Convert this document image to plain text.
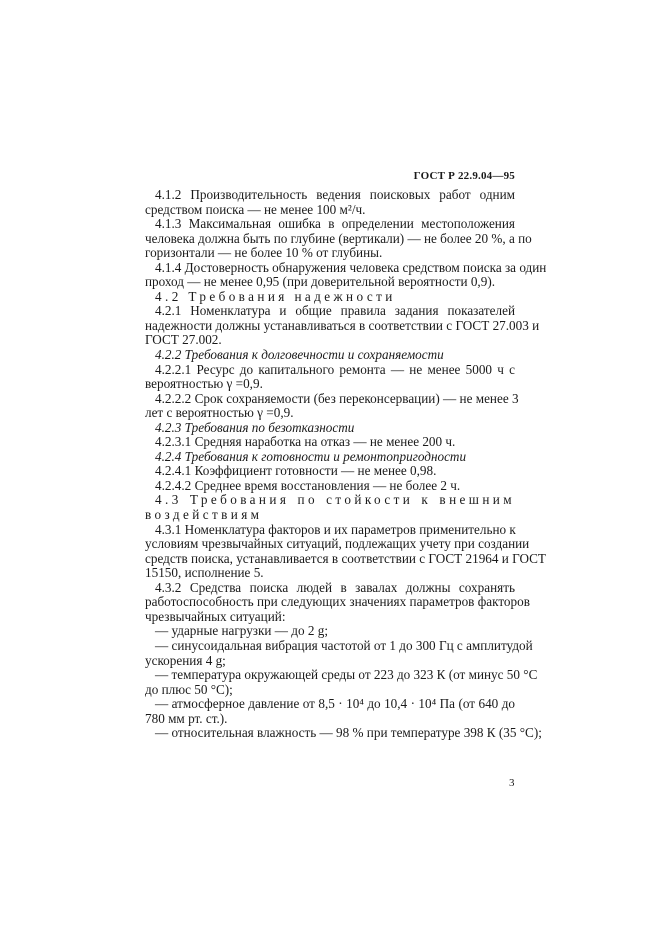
ГОСТ Р 22.9.04—95
4.1.2 Производительность ведения поисковых работ одним
средством поиска — не менее 100 м²/ч.
4.1.3 Максимальная ошибка в определении местоположения
человека должна быть по глубине (вертикали) — не более 20 %, а по
горизонтали — не более 10 % от глубины.
4.1.4 Достоверность обнаружения человека средством поиска за один
проход — не менее 0,95 (при доверительной вероятности 0,9).
4.2 Требования надежности
4.2.1 Номенклатура и общие правила задания показателей
надежности должны устанавливаться в соответствии с ГОСТ 27.003 и
ГОСТ 27.002.
4.2.2 Требования к долговечности и сохраняемости
4.2.2.1 Ресурс до капитального ремонта — не менее 5000 ч с
вероятностью γ =0,9.
4.2.2.2 Срок сохраняемости (без переконсервации) — не менее 3
лет с вероятностью γ =0,9.
4.2.3 Требования по безотказности
4.2.3.1 Средняя наработка на отказ — не менее 200 ч.
4.2.4 Требования к готовности и ремонтопригодности
4.2.4.1 Коэффициент готовности — не менее 0,98.
4.2.4.2 Среднее время восстановления — не более 2 ч.
4.3 Требования по стойкости к внешним
воздействиям
4.3.1 Номенклатура факторов и их параметров применительно к
условиям чрезвычайных ситуаций, подлежащих учету при создании
средств поиска, устанавливается в соответствии с ГОСТ 21964 и ГОСТ
15150, исполнение 5.
4.3.2 Средства поиска людей в завалах должны сохранять
работоспособность при следующих значениях параметров факторов
чрезвычайных ситуаций:
— ударные нагрузки — до 2 g;
— синусоидальная вибрация частотой от 1 до 300 Гц с амплитудой
ускорения 4 g;
— температура окружающей среды от 223 до 323 К (от минус 50 °С
до плюс 50 °С);
— атмосферное давление от 8,5 · 10⁴ до 10,4 · 10⁴ Па (от 640 до
780 мм рт. ст.).
— относительная влажность — 98 % при температуре 398 К (35 °С);
3
